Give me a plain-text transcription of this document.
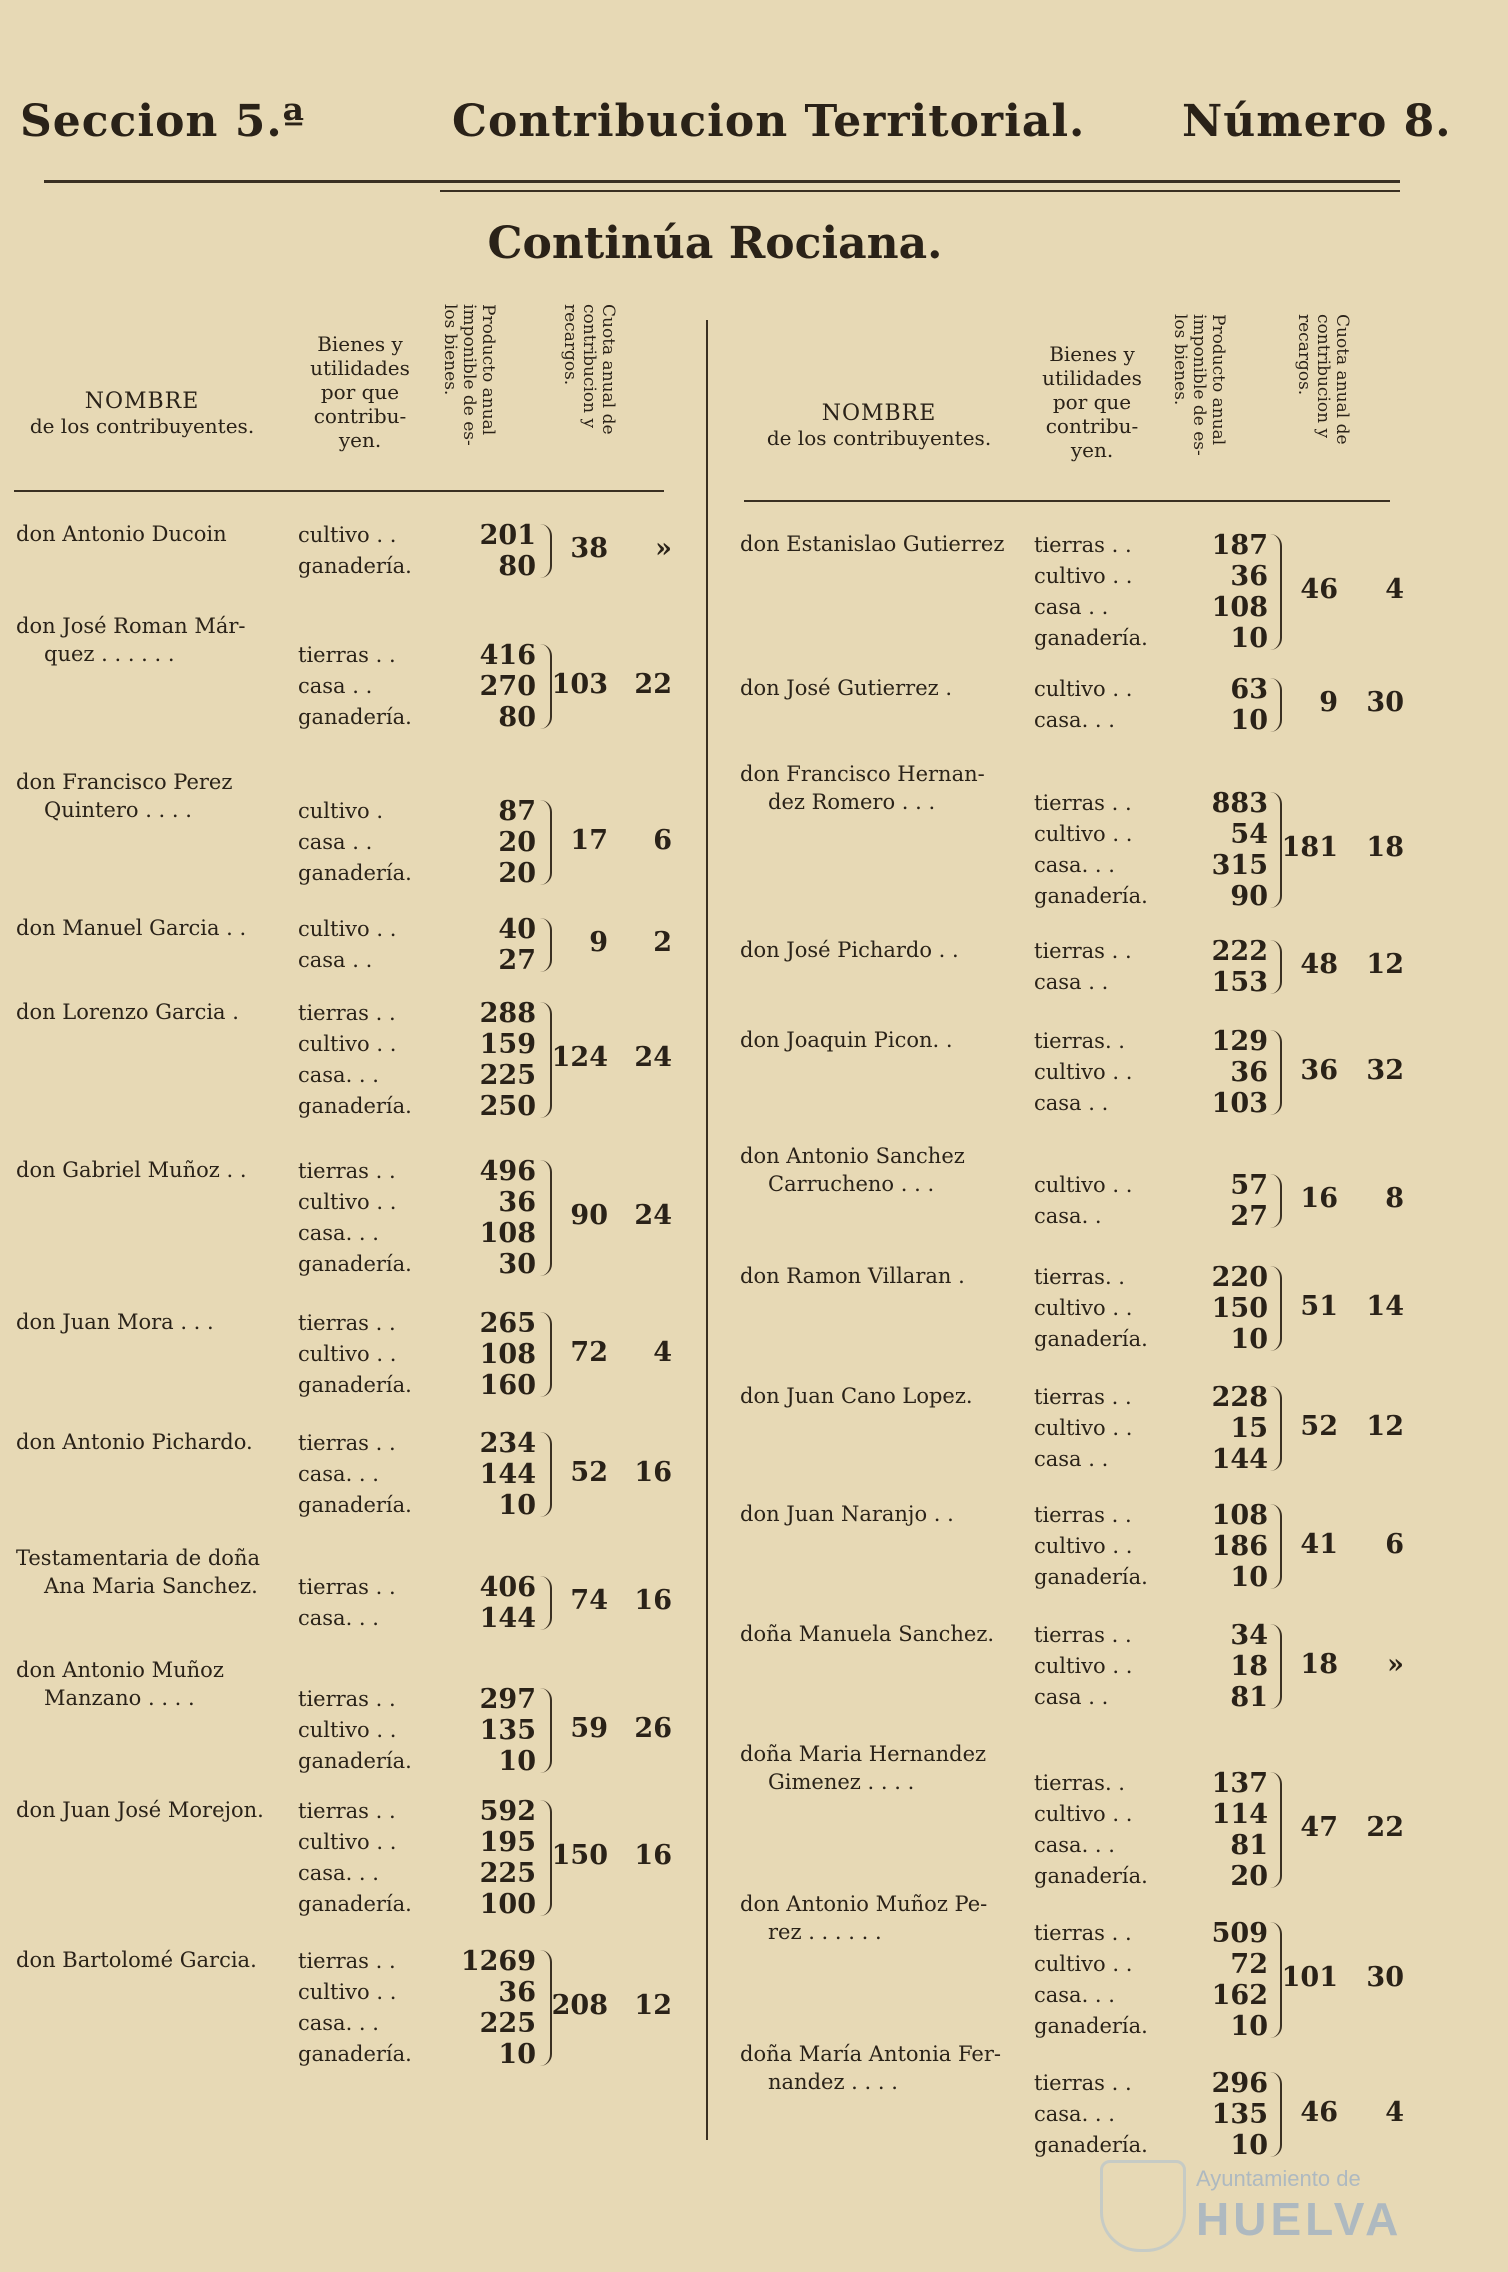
Seccion 5.ª	Contribucion Territorial. Número 8.
Continúa Rociana.
NOMBRE
de los contribuyentes.
Bienes y
utilidades
por que
contribu-
yen.
Producto anual
imponible de es-
los bienes.
Cuota anual de
contribucion y
recargos.
NOMBRE
de los contribuyentes.
Bienes y
utilidades
por que
contribu-
yen.
Producto anual
imponible de es-
los bienes.
Cuota anual de
contribucion y
recargos.
don Antonio Ducoin	cultivo . .	201
ganadería.	80
38	»
don José Roman Már-
quez . . . . . .	tierras . .	416
casa . .	270
ganadería.	80
103 22
don Francisco Perez
Quintero . . . .	cultivo .	87
casa . .	20
ganadería.	20
17	6
don Manuel Garcia . . cultivo . .	40
casa . .	27
9	2
don Lorenzo Garcia .	tierras . .	288
cultivo . .	159
casa. . .	225
ganadería.	250
124 24
don Gabriel Muñoz . . tierras . .	496
cultivo . .	36
casa. . .	108
ganadería.	30
90 24
don Juan Mora . . .	tierras . .	265
cultivo . .	108
ganadería.	160
72	4
don Antonio Pichardo. tierras . .	234
casa. . .	144
ganadería.	10
52 16
Testamentaria de doña
Ana Maria Sanchez. tierras . .	406
casa. . .	144
74 16
don Antonio Muñoz
Manzano . . . .	tierras . .	297
cultivo . .	135
ganadería.	10
59 26
don Juan José Morejon. tierras . .	592
cultivo . .	195
casa. . .	225
ganadería.	100
150 16
don Bartolomé Garcia. tierras . . 1269
cultivo . .	36
casa. . .	225
ganadería.	10
208 12
don Estanislao Gutierrez tierras . .	187
cultivo . .	36
casa . .	108
ganadería.	10
46	4
don José Gutierrez .	cultivo . .	63
casa. . .	10
9	30
don Francisco Hernan-
dez Romero . . .	tierras . .	883
cultivo . .	54
casa. . .	315
ganadería.	90
181	18
don José Pichardo . .	tierras . .	222
casa . .	153
48	12
don Joaquin Picon. .	tierras. .	129
cultivo . .	36
casa . .	103
36	32
don Antonio Sanchez
Carrucheno . . .	cultivo . .	57
casa. .	27
16	8
don Ramon Villaran .	tierras. .	220
cultivo . .	150
ganadería.	10
51	14
don Juan Cano Lopez.	tierras . .	228
cultivo . .	15
casa . .	144
52	12
don Juan Naranjo . .	tierras . .	108
cultivo . .	186
ganadería.	10
41	6
doña Manuela Sanchez. tierras . .	34
cultivo . .	18
casa . .	81
18	»
doña Maria Hernandez
Gimenez . . . .	tierras. .	137
cultivo . .	114
casa. . .	81
ganadería.	20
47	22
don Antonio Muñoz Pe-
rez . . . . . .	tierras . .	509
cultivo . .	72
casa. . .	162
ganadería.	10
101	30
doña María Antonia Fer-
nandez . . . .	tierras . .	296
casa. . .	135
ganadería.	10
46	4
Ayuntamiento de
HUELVA
